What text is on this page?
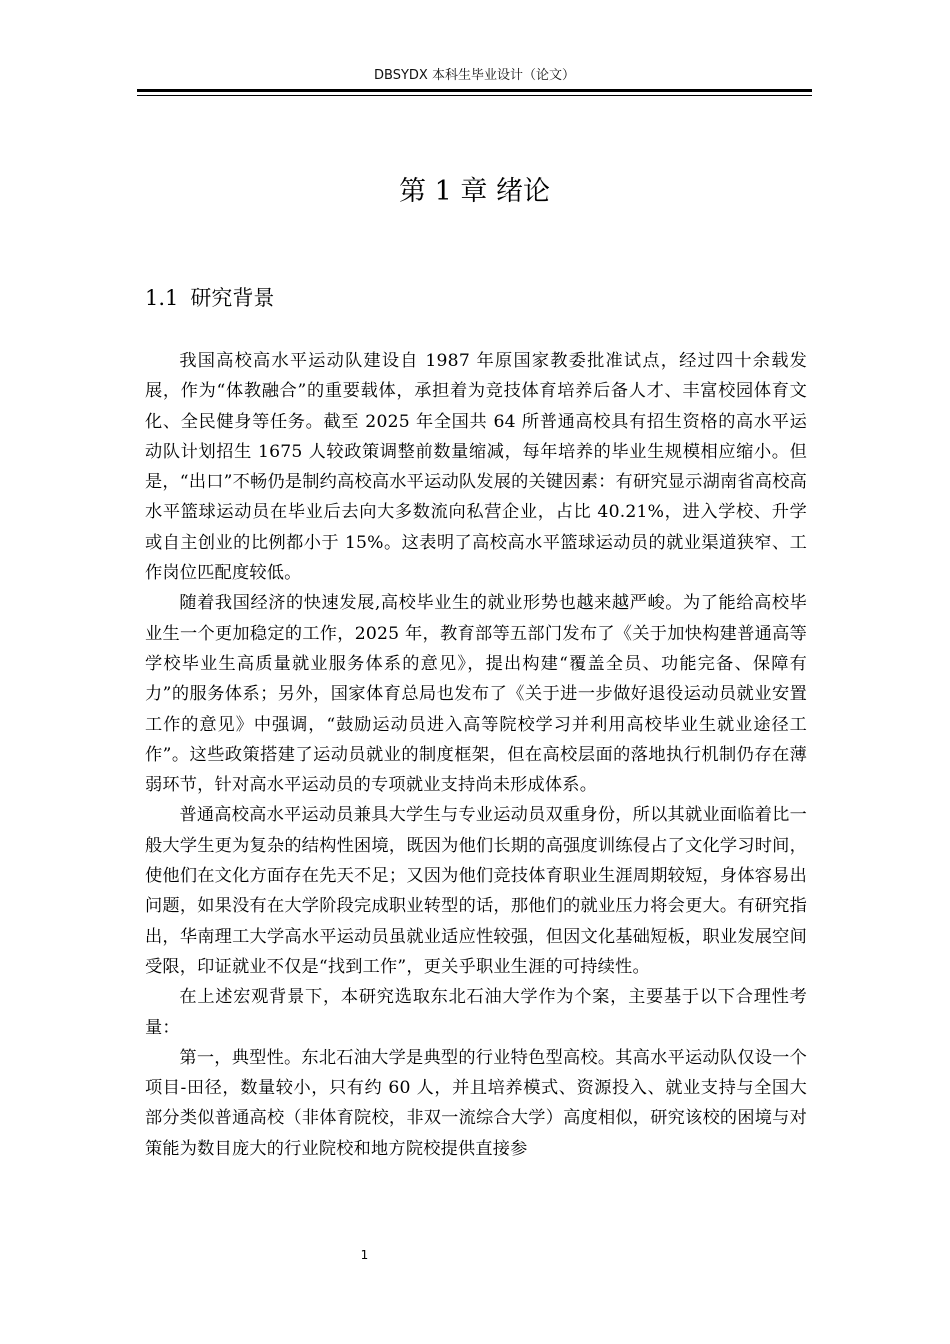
DBSYDX 本科生毕业设计（论文）
第 1 章 绪论
1.1 研究背景

我国高校高水平运动队建设自 1987 年原国家教委批准试点，经过四十余载发展，作为“体教融合”的重要载体，承担着为竞技体育培养后备人才、丰富校园体育文化、全民健身等任务。截至 2025 年全国共 64 所普通高校具有招生资格的高水平运动队计划招生 1675 人较政策调整前数量缩减，每年培养的毕业生规模相应缩小。但是，“出口”不畅仍是制约高校高水平运动队发展的关键因素：有研究显示湖南省高校高水平篮球运动员在毕业后去向大多数流向私营企业，占比 40.21%，进入学校、升学或自主创业的比例都小于 15%。这表明了高校高水平篮球运动员的就业渠道狭窄、工作岗位匹配度较低。

随着我国经济的快速发展,高校毕业生的就业形势也越来越严峻。为了能给高校毕业生一个更加稳定的工作，2025 年，教育部等五部门发布了《关于加快构建普通高等学校毕业生高质量就业服务体系的意见》，提出构建“覆盖全员、功能完备、保障有力”的服务体系；另外，国家体育总局也发布了《关于进一步做好退役运动员就业安置工作的意见》中强调，“鼓励运动员进入高等院校学习并利用高校毕业生就业途径工作”。这些政策搭建了运动员就业的制度框架，但在高校层面的落地执行机制仍存在薄弱环节，针对高水平运动员的专项就业支持尚未形成体系。

普通高校高水平运动员兼具大学生与专业运动员双重身份，所以其就业面临着比一般大学生更为复杂的结构性困境，既因为他们长期的高强度训练侵占了文化学习时间，使他们在文化方面存在先天不足；又因为他们竞技体育职业生涯周期较短，身体容易出问题，如果没有在大学阶段完成职业转型的话，那他们的就业压力将会更大。有研究指出，华南理工大学高水平运动员虽就业适应性较强，但因文化基础短板，职业发展空间受限，印证就业不仅是“找到工作”，更关乎职业生涯的可持续性。

在上述宏观背景下，本研究选取东北石油大学作为个案，主要基于以下合理性考量：

第一，典型性。东北石油大学是典型的行业特色型高校。其高水平运动队仅设一个项目-田径，数量较小，只有约 60 人，并且培养模式、资源投入、就业支持与全国大部分类似普通高校（非体育院校，非双一流综合大学）高度相似，研究该校的困境与对策能为数目庞大的行业院校和地方院校提供直接参

1
